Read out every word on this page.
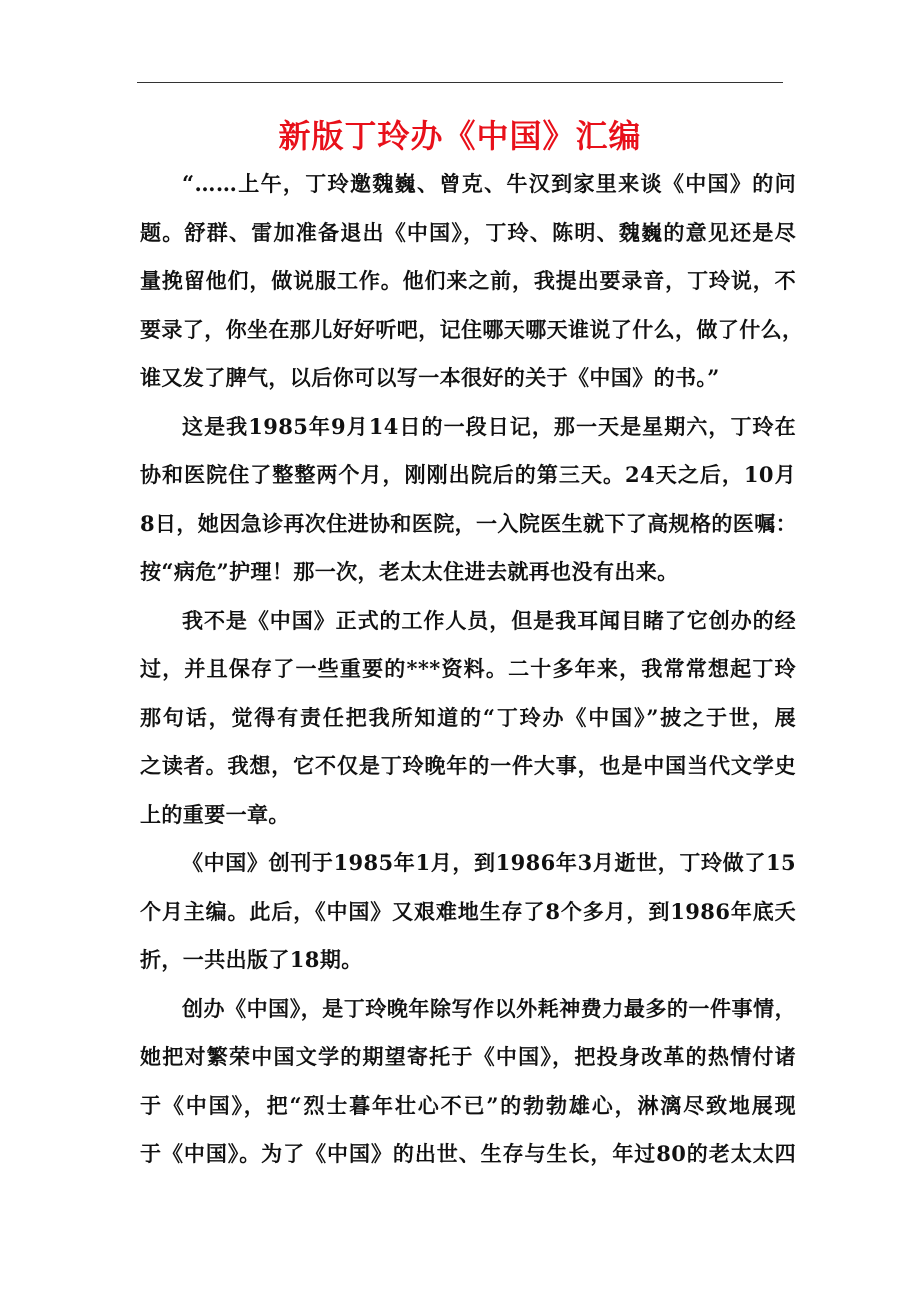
新版丁玲办《中国》汇编
“……上午，丁玲邀魏巍、曾克、牛汉到家里来谈《中国》的问
题。舒群、雷加准备退出《中国》，丁玲、陈明、魏巍的意见还是尽
量挽留他们，做说服工作。他们来之前，我提出要录音，丁玲说，不
要录了，你坐在那儿好好听吧，记住哪天哪天谁说了什么，做了什么，
谁又发了脾气，以后你可以写一本很好的关于《中国》的书。”
这是我1985年9月14日的一段日记，那一天是星期六，丁玲在
协和医院住了整整两个月，刚刚出院后的第三天。24天之后，10月
8日，她因急诊再次住进协和医院，一入院医生就下了高规格的医嘱：
按“病危”护理！那一次，老太太住进去就再也没有出来。
我不是《中国》正式的工作人员，但是我耳闻目睹了它创办的经
过，并且保存了一些重要的***资料。二十多年来，我常常想起丁玲
那句话，觉得有责任把我所知道的“丁玲办《中国》”披之于世，展
之读者。我想，它不仅是丁玲晚年的一件大事，也是中国当代文学史
上的重要一章。
《中国》创刊于1985年1月，到1986年3月逝世，丁玲做了15
个月主编。此后，《中国》又艰难地生存了8个多月，到1986年底夭
折，一共出版了18期。
创办《中国》，是丁玲晚年除写作以外耗神费力最多的一件事情，
她把对繁荣中国文学的期望寄托于《中国》，把投身改革的热情付诸
于《中国》，把“烈士暮年壮心不已”的勃勃雄心，淋漓尽致地展现
于《中国》。为了《中国》的出世、生存与生长，年过80的老太太四
